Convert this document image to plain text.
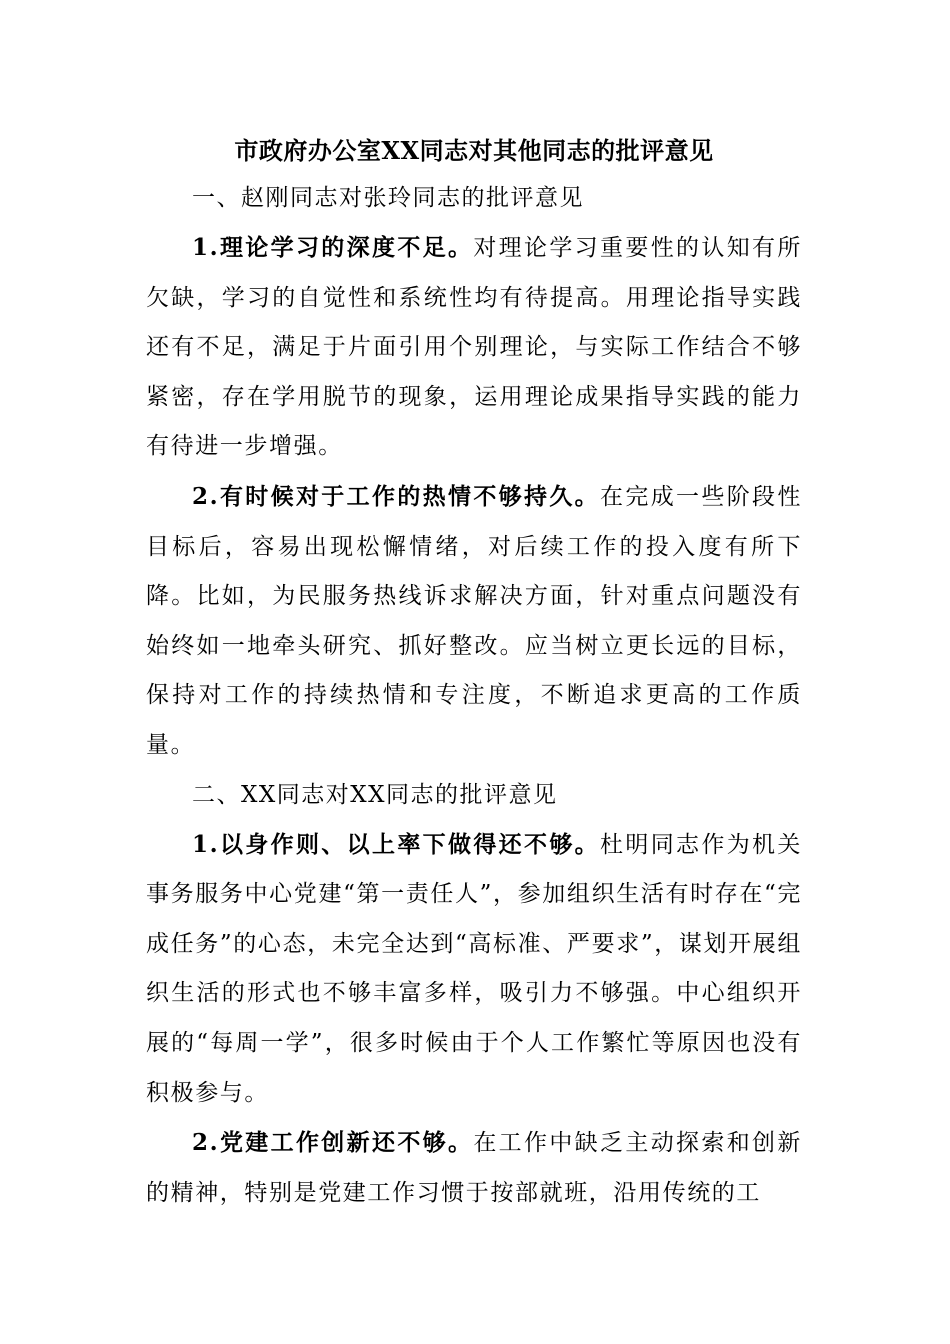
市政府办公室XX同志对其他同志的批评意见

一、赵刚同志对张玲同志的批评意见

1.理论学习的深度不足。对理论学习重要性的认知有所欠缺，学习的自觉性和系统性均有待提高。用理论指导实践还有不足，满足于片面引用个别理论，与实际工作结合不够紧密，存在学用脱节的现象，运用理论成果指导实践的能力有待进一步增强。

2.有时候对于工作的热情不够持久。在完成一些阶段性目标后，容易出现松懈情绪，对后续工作的投入度有所下降。比如，为民服务热线诉求解决方面，针对重点问题没有始终如一地牵头研究、抓好整改。应当树立更长远的目标，保持对工作的持续热情和专注度，不断追求更高的工作质量。

二、XX同志对XX同志的批评意见

1.以身作则、以上率下做得还不够。杜明同志作为机关事务服务中心党建“第一责任人”，参加组织生活有时存在“完成任务”的心态，未完全达到“高标准、严要求”，谋划开展组织生活的形式也不够丰富多样，吸引力不够强。中心组织开展的“每周一学”，很多时候由于个人工作繁忙等原因也没有积极参与。

2.党建工作创新还不够。在工作中缺乏主动探索和创新的精神，特别是党建工作习惯于按部就班，沿用传统的工
